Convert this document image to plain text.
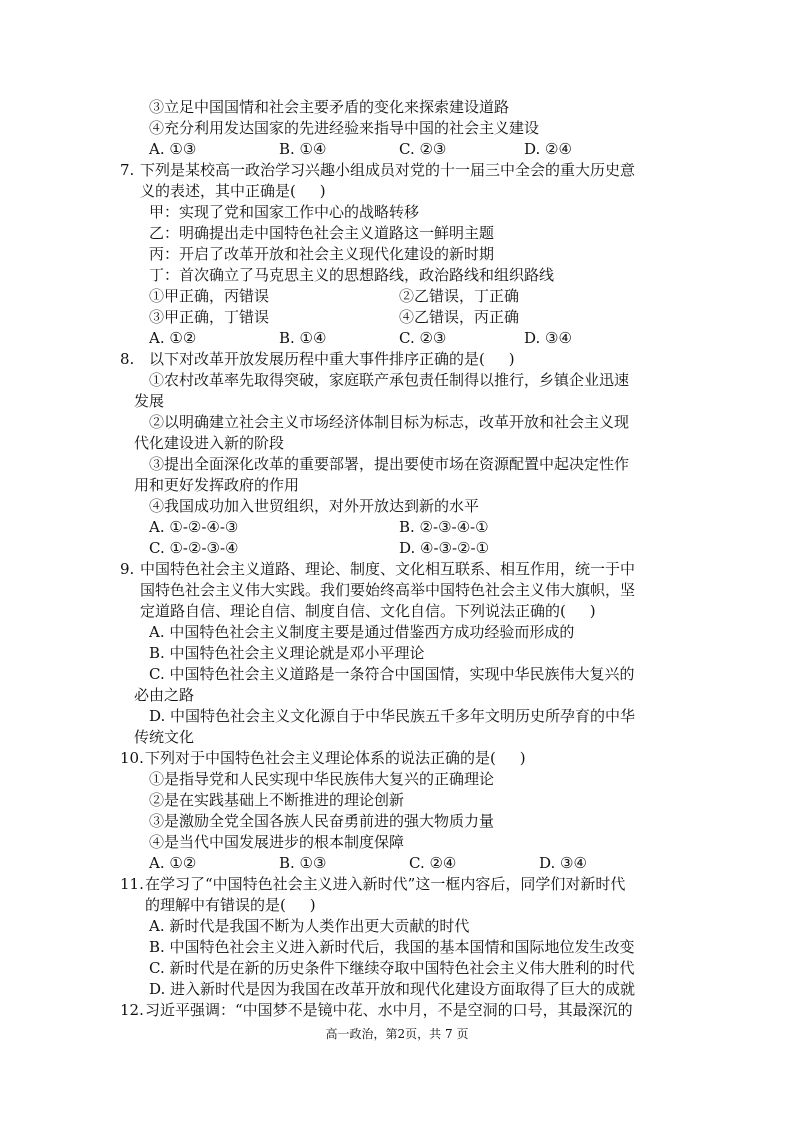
③立足中国国情和社会主要矛盾的变化来探索建设道路
④充分利用发达国家的先进经验来指导中国的社会主义建设
A. ①③	B. ①④	C. ②③	D. ②④
7. 下列是某校高一政治学习兴趣小组成员对党的十一届三中全会的重大历史意
义的表述，其中正确是(     )
甲：实现了党和国家工作中心的战略转移
乙：明确提出走中国特色社会主义道路这一鲜明主题
丙：开启了改革开放和社会主义现代化建设的新时期
丁：首次确立了马克思主义的思想路线，政治路线和组织路线
①甲正确，丙错误	②乙错误，丁正确
③甲正确，丁错误	④乙错误，丙正确
A. ①②	B. ①④	C. ②③	D. ③④
8. 以下对改革开放发展历程中重大事件排序正确的是(     )
①农村改革率先取得突破，家庭联产承包责任制得以推行，乡镇企业迅速
发展
②以明确建立社会主义市场经济体制目标为标志，改革开放和社会主义现
代化建设进入新的阶段
③提出全面深化改革的重要部署，提出要使市场在资源配置中起决定性作
用和更好发挥政府的作用
④我国成功加入世贸组织，对外开放达到新的水平
A. ①-②-④-③	B. ②-③-④-①
C. ①-②-③-④	D. ④-③-②-①
9. 中国特色社会主义道路、理论、制度、文化相互联系、相互作用，统一于中
国特色社会主义伟大实践。我们要始终高举中国特色社会主义伟大旗帜，坚
定道路自信、理论自信、制度自信、文化自信。下列说法正确的(     )
A. 中国特色社会主义制度主要是通过借鉴西方成功经验而形成的
B. 中国特色社会主义理论就是邓小平理论
C. 中国特色社会主义道路是一条符合中国国情，实现中华民族伟大复兴的
必由之路
D. 中国特色社会主义文化源自于中华民族五千多年文明历史所孕育的中华
传统文化
10. 下列对于中国特色社会主义理论体系的说法正确的是(     )
①是指导党和人民实现中华民族伟大复兴的正确理论
②是在实践基础上不断推进的理论创新
③是激励全党全国各族人民奋勇前进的强大物质力量
④是当代中国发展进步的根本制度保障
A. ①②	B. ①③	C. ②④	D. ③④
11. 在学习了“中国特色社会主义进入新时代”这一框内容后，同学们对新时代
的理解中有错误的是(     )
A. 新时代是我国不断为人类作出更大贡献的时代
B. 中国特色社会主义进入新时代后，我国的基本国情和国际地位发生改变
C. 新时代是在新的历史条件下继续夺取中国特色社会主义伟大胜利的时代
D. 进入新时代是因为我国在改革开放和现代化建设方面取得了巨大的成就
12. 习近平强调：“中国梦不是镜中花、水中月，不是空洞的口号，其最深沉的
高一政治，第2页，共 7 页
